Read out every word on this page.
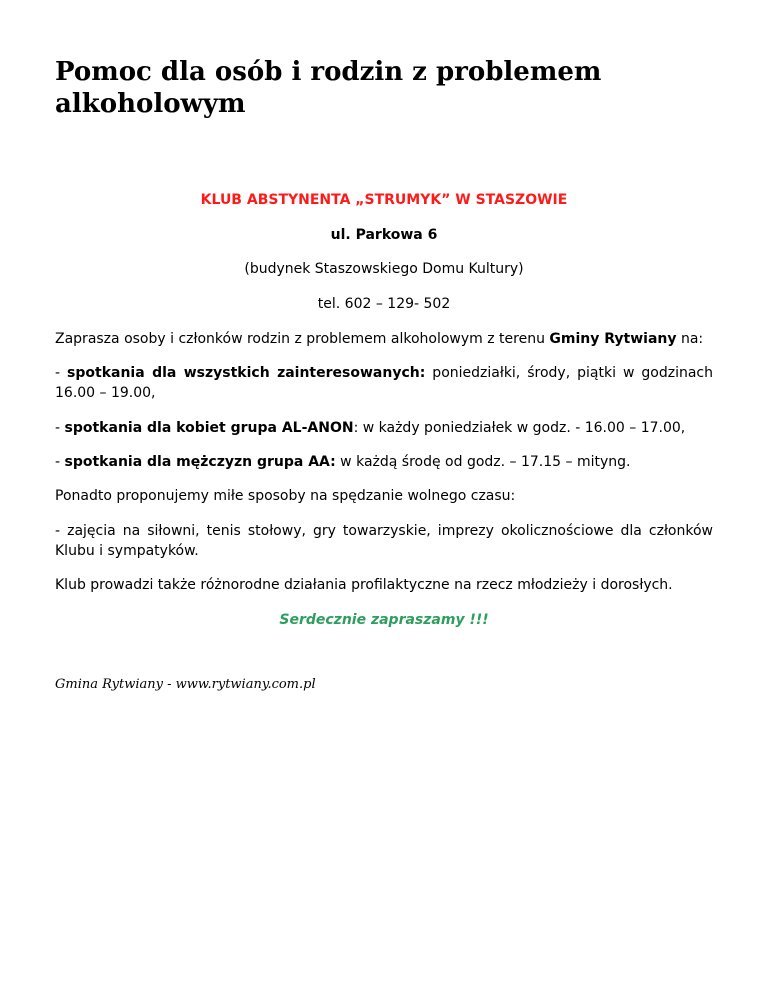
Pomoc dla osób i rodzin z problemem alkoholowym

KLUB ABSTYNENTA „STRUMYK” W STASZOWIE

ul. Parkowa 6

(budynek Staszowskiego Domu Kultury)

tel. 602 – 129- 502

Zaprasza osoby i członków rodzin z problemem alkoholowym z terenu Gminy Rytwiany na:

- spotkania dla wszystkich zainteresowanych: poniedziałki, środy, piątki w godzinach 16.00 – 19.00,

- spotkania dla kobiet grupa AL-ANON: w każdy poniedziałek w godz. - 16.00 – 17.00,

- spotkania dla mężczyzn grupa AA: w każdą środę od godz. – 17.15 – mityng.

Ponadto proponujemy miłe sposoby na spędzanie wolnego czasu:

- zajęcia na siłowni, tenis stołowy, gry towarzyskie, imprezy okolicznościowe dla członków Klubu i sympatyków.

Klub prowadzi także różnorodne działania profilaktyczne na rzecz młodzieży i dorosłych.

Serdecznie zapraszamy !!!

Gmina Rytwiany - www.rytwiany.com.pl
